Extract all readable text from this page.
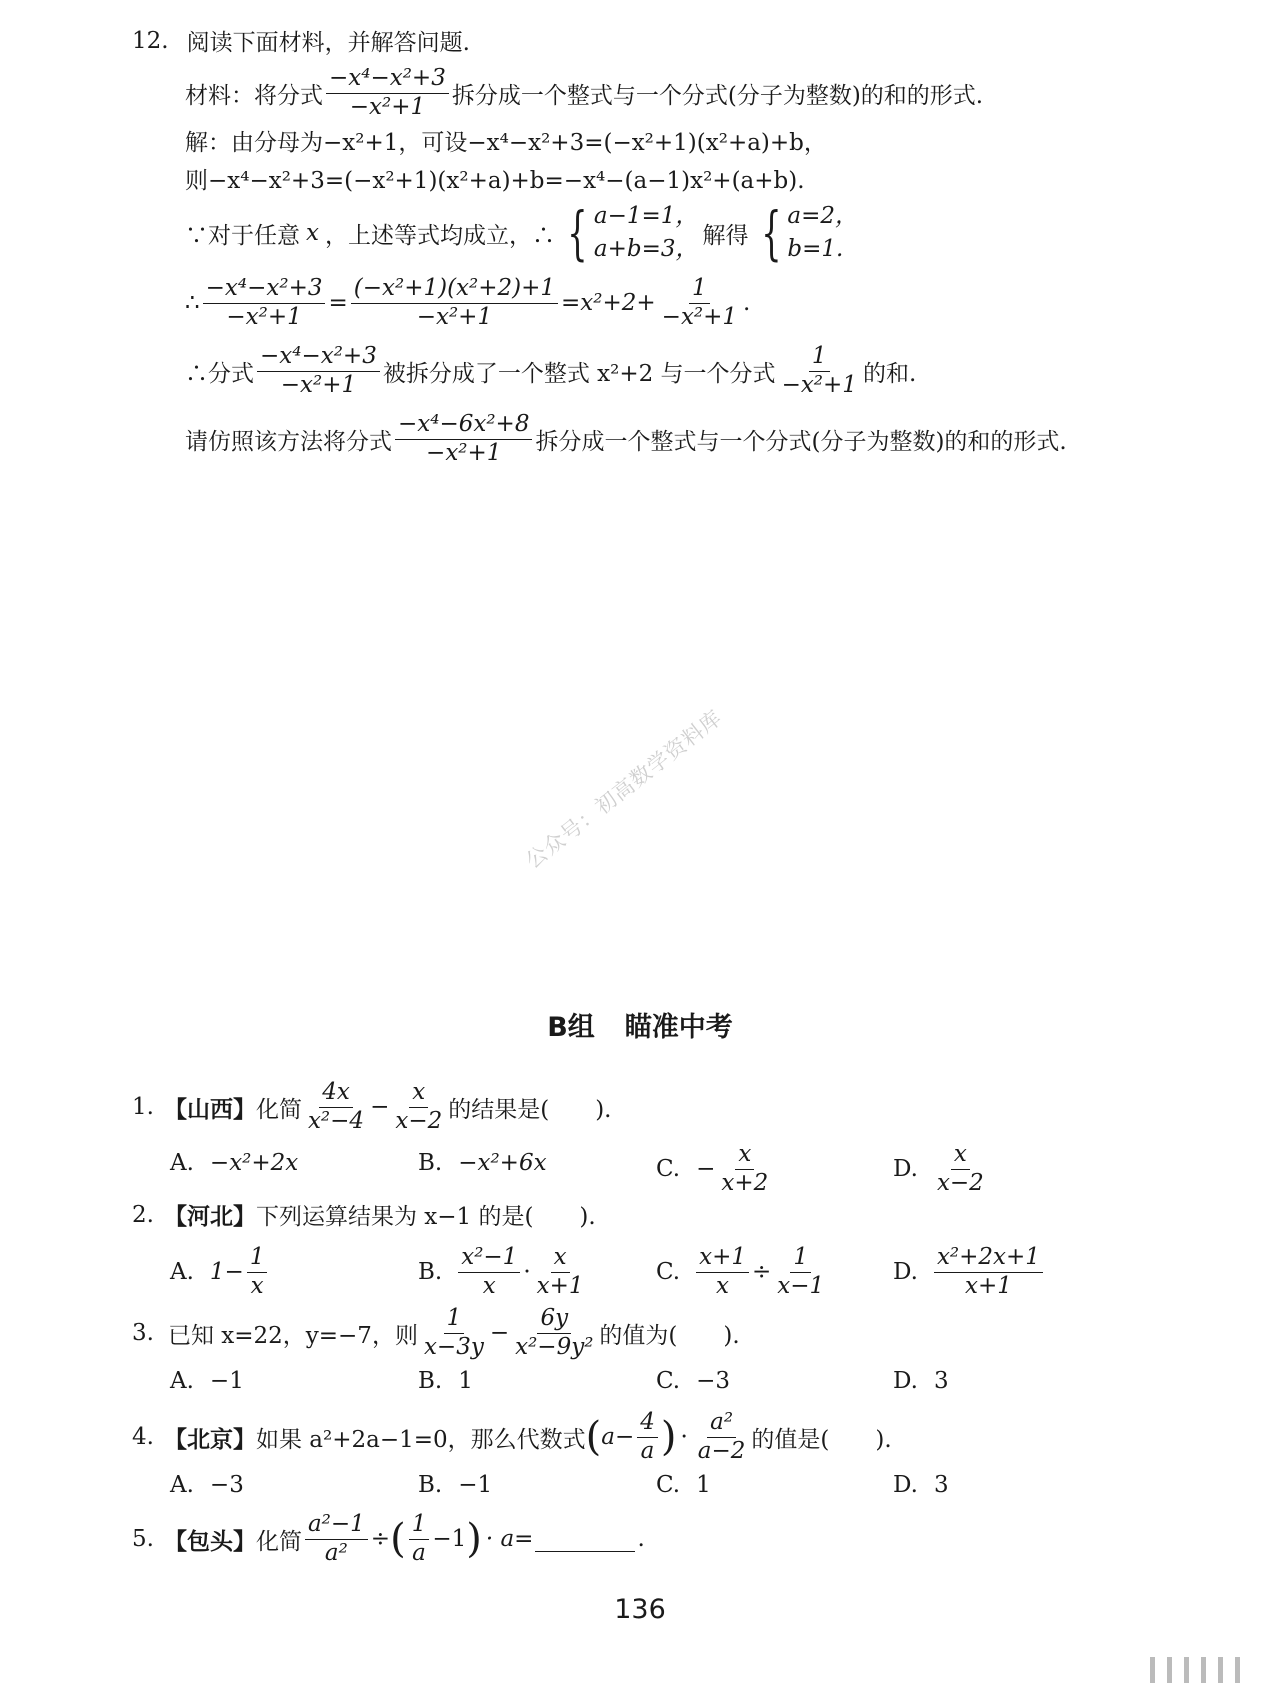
12. 阅读下面材料，并解答问题.
材料：将分式 $\frac{\text{−x⁴−x²+3}}{\text{−x²+1}}$ 拆分成一个整式与一个分式(分子为整数)的和的形式.
解：由分母为−x²+1，可设−x⁴−x²+3=(−x²+1)(x²+a)+b，
则−x⁴−x²+3=(−x²+1)(x²+a)+b=−x⁴−(a−1)x²+(a+b).
∵对于任意 x ，上述等式均成立，∴ { a−1=1，
a+b=3，
解得 { a=2，
b=1.
∴ $\frac{\text{−x⁴−x²+3}}{\text{−x²+1}} = \frac{\text{(−x²+1)(x²+2)+1}}{\text{−x²+1}} =x^2+2+ \frac{1}{\text{−x²+1}}$ .
∴分式 $\frac{\text{−x⁴−x²+3}}{\text{−x²+1}}$ 被拆分成了一个整式 x²+2 与一个分式 $\frac{1}{\text{−x²+1}}$ 的和.
请仿照该方法将分式 $\frac{\text{−x⁴−6x²+8}}{\text{−x²+1}}$ 拆分成一个整式与一个分式(分子为整数)的和的形式.
公众号：初高数学资料库
B组 瞄准中考
1. 【山西】 化简 $\frac{4x}{\text{x²−4}} - \frac{x}{x-2}$ 的结果是(　　).
A. −x²+2x	B. −x²+6x	C. − $\frac{x}{x+2}$	D. $\frac{x}{x-2}$
2. 【河北】 下列运算结果为 x−1 的是(　　).
A. $1- \frac{1}{x}$	B. $\frac{\text{x²−1}}{x} \cdot \frac{x}{x+1}$	C. $\frac{x+1}{x} \div \frac{1}{x-1}$	D. $\frac{\text{x²+2x+1}}{x+1}$
3. 已知 x=22，y=−7，则 $\frac{1}{x-3y} - \frac{6y}{\text{x²−9y²}}$ 的值为(　　).
A. −1	B. 1	C. −3	D. 3
4. 【北京】 如果 a²+2a−1=0，那么代数式 ( $a- \frac{4}{a}$ ) · $\frac{\text{a²}}{a-2}$ 的值是(　　).
A. −3	B. −1	C. 1	D. 3
5. 【包头】 化简 $\frac{\text{a²−1}}{\text{a²}}$ ÷ ( $\frac{1}{a} -1$ ) · a=	.
136
